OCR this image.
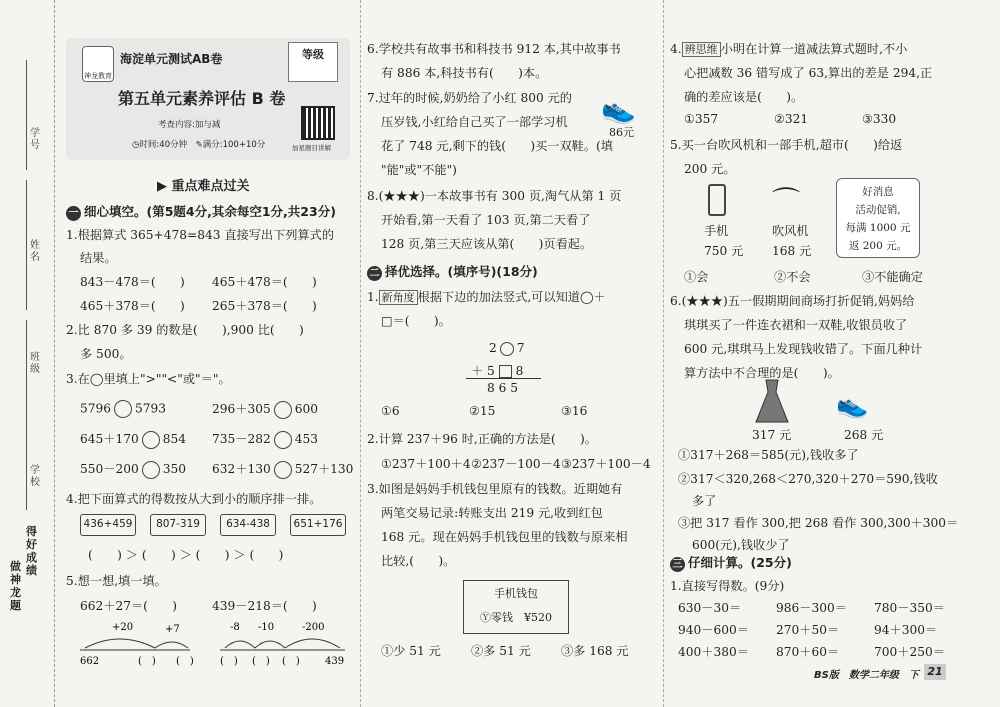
学号
姓名
班级
学校
得好成绩
做神龙题
神龙教育
海淀单元测试AB卷	等级
第五单元素养评估 B 卷
考查内容:加与减
◷时间:40分钟　 ✎满分:100+10分	加星题目讲解
▶ 重点难点过关
一 细心填空。(第5题4分,其余每空1分,共23分)
1.根据算式 365+478=843 直接写出下列算式的
结果。
843－478＝(　　) 465＋478＝(　　)
465＋378＝(　　) 265＋378＝(　　)
2.比 870 多 39 的数是(　　),900 比(　　)
多 500。
3.在◯里填上">""<"或"＝"。
5796 5793	296＋305 600
645＋170 854 735－282 453
550－200 350 632＋130 527＋130
4.把下面算式的得数按从大到小的顺序排一排。
436+459	807-319	634-438	651+176
(　　) ＞ (　　) ＞ (　　) ＞ (　　)
5.想一想,填一填。
662＋27＝(　　)	439－218＝(　　)
+20	+7
662	(　) (　)
-8 -10	-200
(　) (　) (　)	439
6.学校共有故事书和科技书 912 本,其中故事书
有 886 本,科技书有(　　)本。
7.过年的时候,奶奶给了小红 800 元的
压岁钱,小红给自己买了一部学习机
花了 748 元,剩下的钱(　　)买一双鞋。(填
"能"或"不能")
👟
86元
8.(★★★)一本故事书有 300 页,淘气从第 1 页
开始看,第一天看了 103 页,第二天看了
128 页,第三天应该从第(　　)页看起。
二 择优选择。(填序号)(18分)
1. 新角度 根据下边的加法竖式,可以知道◯＋
□＝(　　)。
2 7
＋ 5 8
8 6 5
①6	②15	③16
2.计算 237＋96 时,正确的方法是(　　)。
①237＋100＋4 ②237－100－4 ③237＋100－4
3.如图是妈妈手机钱包里原有的钱数。近期她有
两笔交易记录:转账支出 219 元,收到红包
168 元。现在妈妈手机钱包里的钱数与原来相
比较,(　　)。
手机钱包
Ⓨ零钱　 ¥520
①少 51 元 ②多 51 元 ③多 168 元
4. 辨思维 小明在计算一道减法算式题时,不小
心把减数 36 错写成了 63,算出的差是 294,正
确的差应该是(　　)。
①357	②321	③330
5.买一台吹风机和一部手机,超市(　　)给返
200 元。
手机
750 元
⌒
吹风机
168 元
好消息
活动促销,
每满 1000 元
返 200 元。
①会	②不会	③不能确定
6.(★★★)五一假期期间商场打折促销,妈妈给
琪琪买了一件连衣裙和一双鞋,收银员收了
600 元,琪琪马上发现钱收错了。下面几种计
算方法中不合理的是(　　)。
317 元
👟
268 元
①317＋268＝585(元),钱收多了
②317＜320,268＜270,320＋270＝590,钱收
多了
③把 317 看作 300,把 268 看作 300,300＋300＝
600(元),钱收少了
三 仔细计算。(25分)
1.直接写得数。(9分)
630－30＝	986－300＝ 780－350＝
940－600＝ 270＋50＝	94＋300＝
400＋380＝ 870＋60＝	700＋250＝
BS版　数学二年级　下 21
